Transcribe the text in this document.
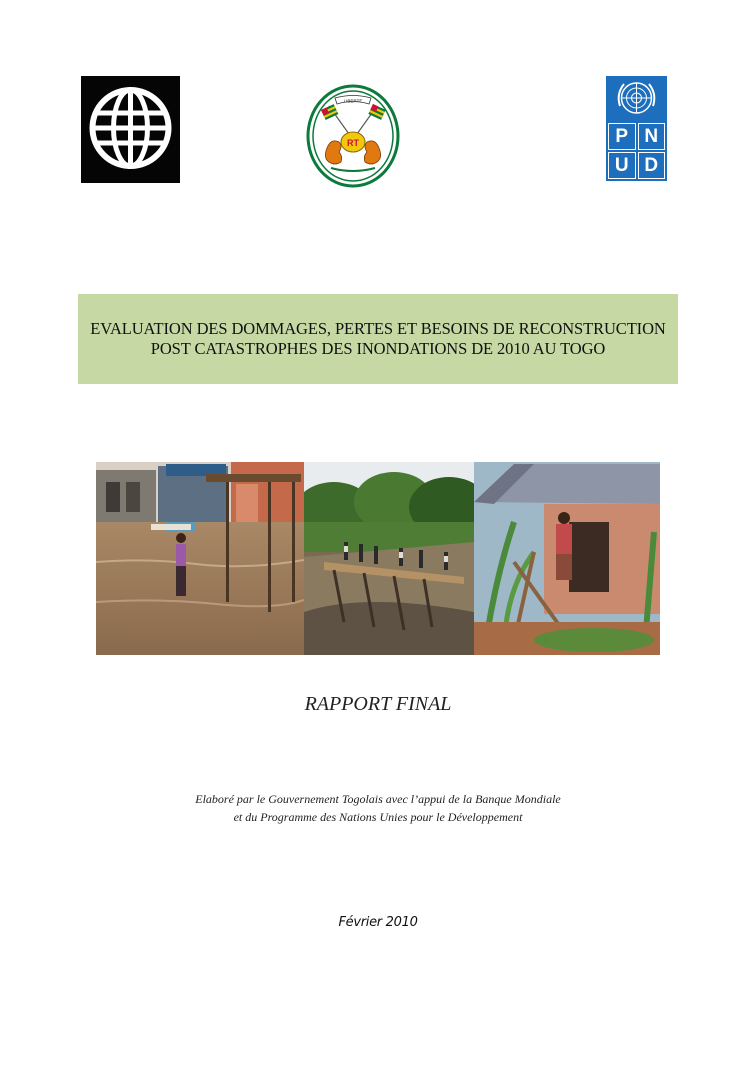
LIBERTE
RT	P N
U D
EVALUATION DES DOMMAGES, PERTES ET BESOINS DE RECONSTRUCTION
POST CATASTROPHES DES INONDATIONS DE 2010 AU TOGO
RAPPORT FINAL
Elaboré par le Gouvernement Togolais avec l’appui de la Banque Mondiale
et du Programme des Nations Unies pour le Développement
Février 2010
